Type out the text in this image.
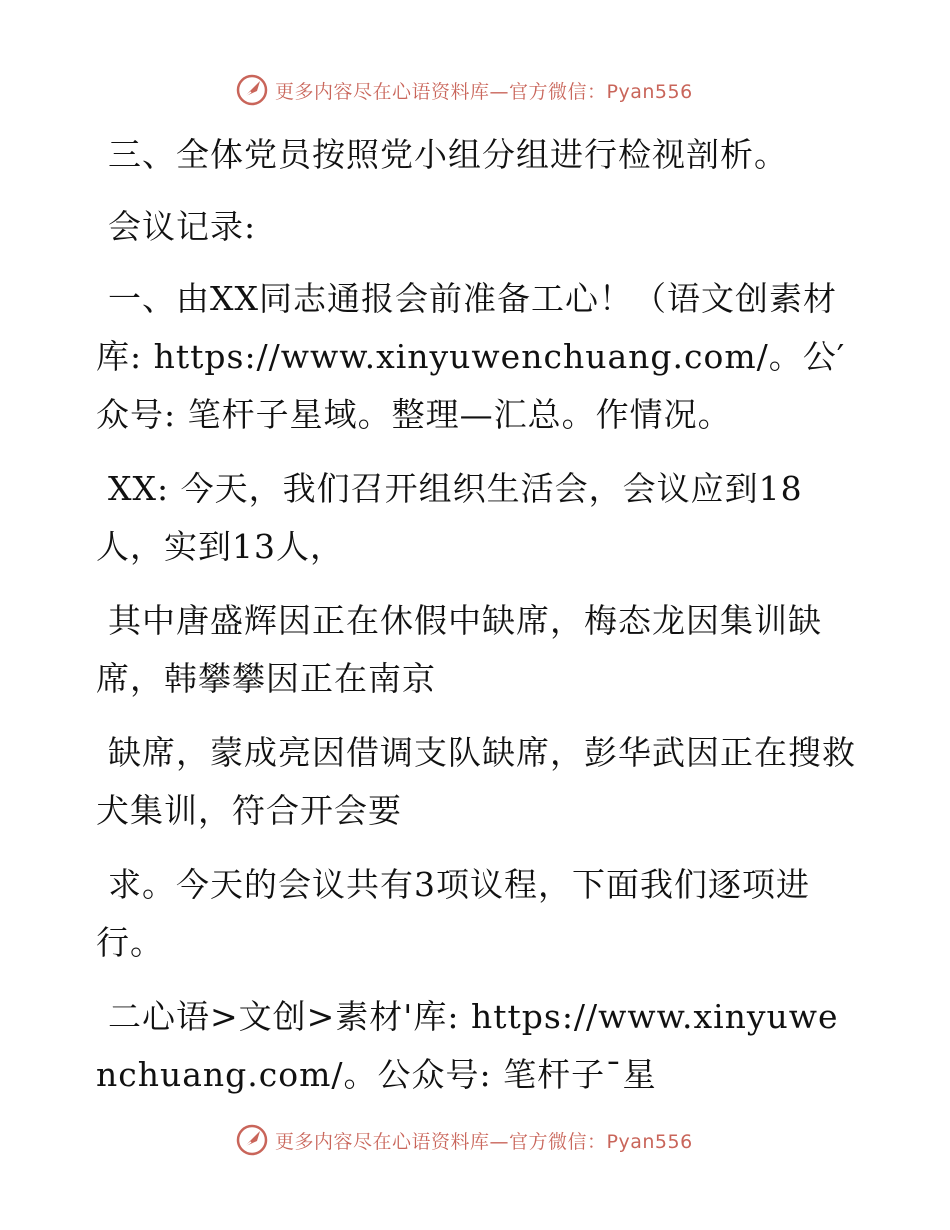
更多内容尽在心语资料库—官方微信：Pyan556

三、全体党员按照党小组分组进行检视剖析。

会议记录:

一、由XX同志通报会前准备工心！（语文创素材库: https://www.xinyuwenchuang.com/。公′众号: 笔杆子星域。整理—汇总。作情况。

XX: 今天，我们召开组织生活会，会议应到18人，实到13人，

其中唐盛辉因正在休假中缺席，梅态龙因集训缺席，韩攀攀因正在南京

缺席，蒙成亮因借调支队缺席，彭华武因正在搜救犬集训，符合开会要

求。今天的会议共有3项议程，下面我们逐项进行。

二心语>文创>素材'库: https://www.xinyuwenchuang.com/。公众号: 笔杆子¯星

更多内容尽在心语资料库—官方微信：Pyan556
